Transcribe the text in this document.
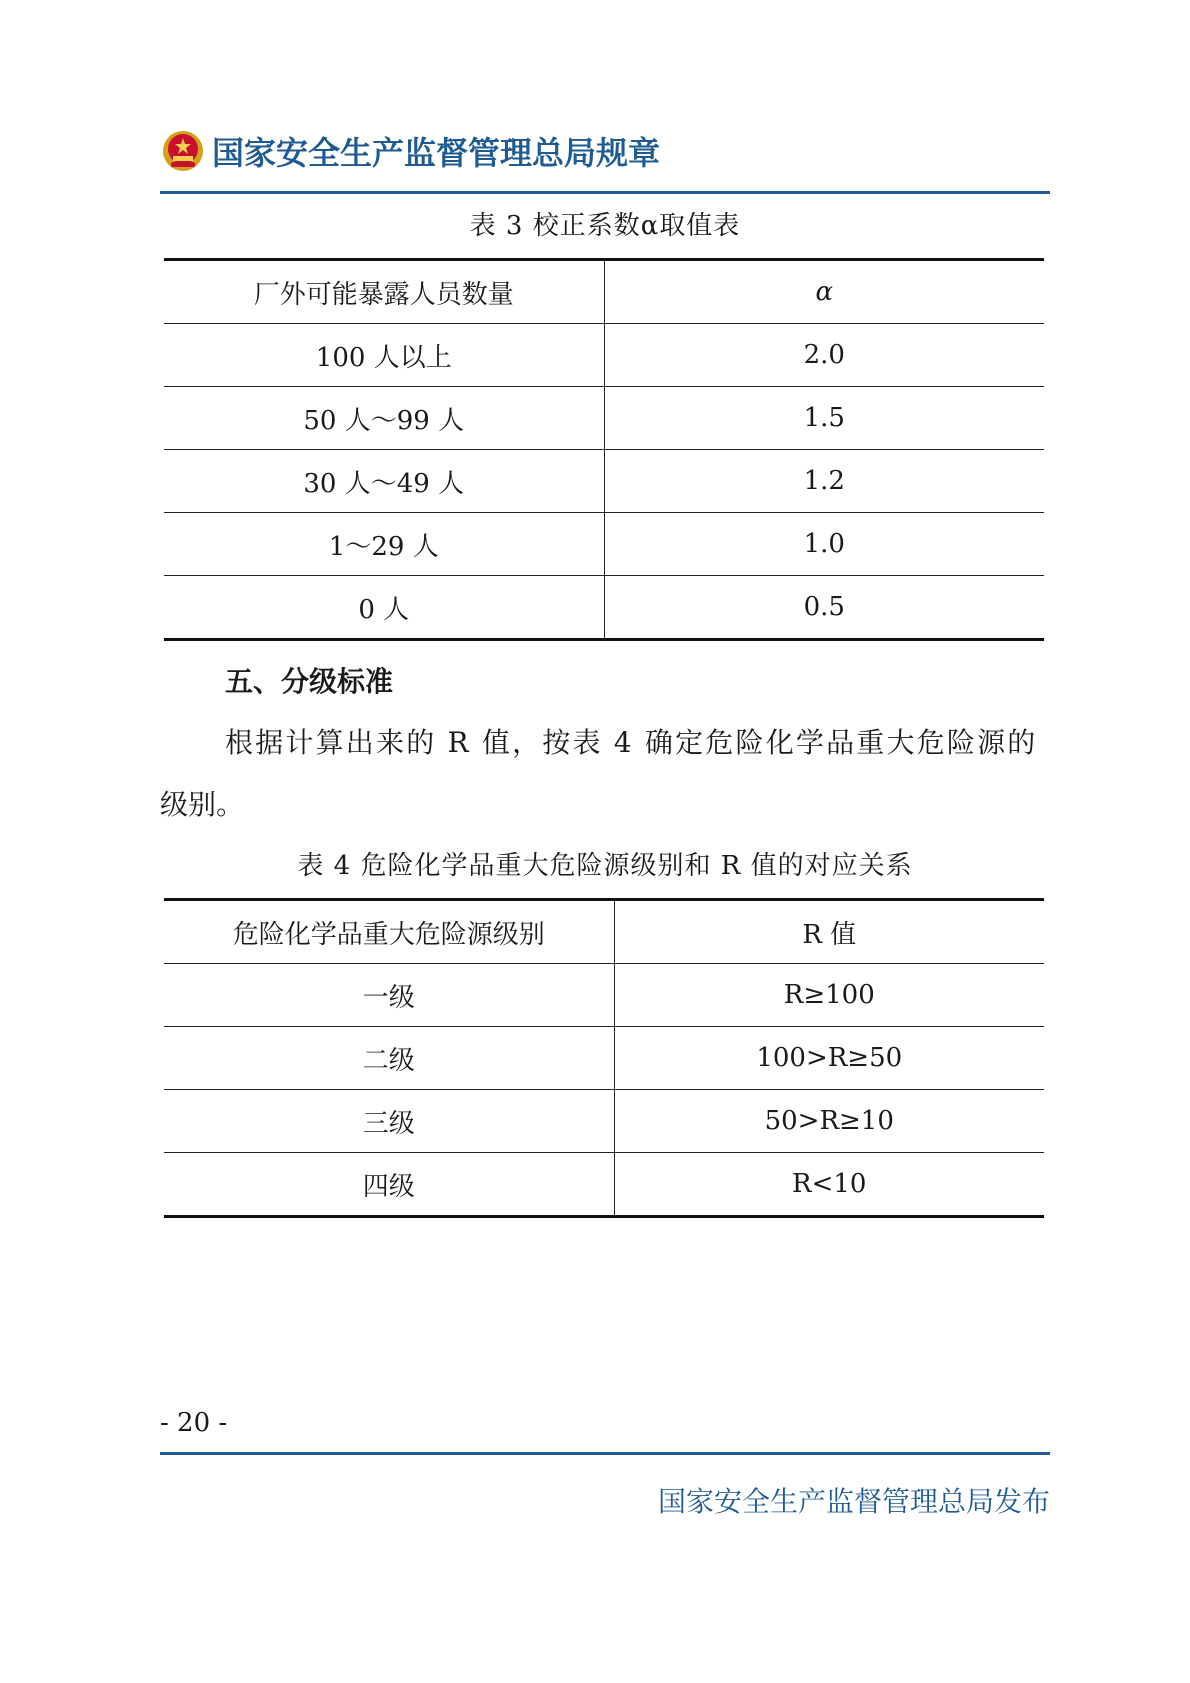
国家安全生产监督管理总局规章
表 3 校正系数α取值表
厂外可能暴露人员数量	α
100 人以上	2.0
50 人～99 人	1.5
30 人～49 人	1.2
1～29 人	1.0
0 人	0.5
五、分级标准
根据计算出来的 R 值，按表 4 确定危险化学品重大危险源的
级别。
表 4 危险化学品重大危险源级别和 R 值的对应关系
危险化学品重大危险源级别	R 值
一级	R≥100
二级	100>R≥50
三级	50>R≥10
四级	R<10
- 20 -
国家安全生产监督管理总局发布
